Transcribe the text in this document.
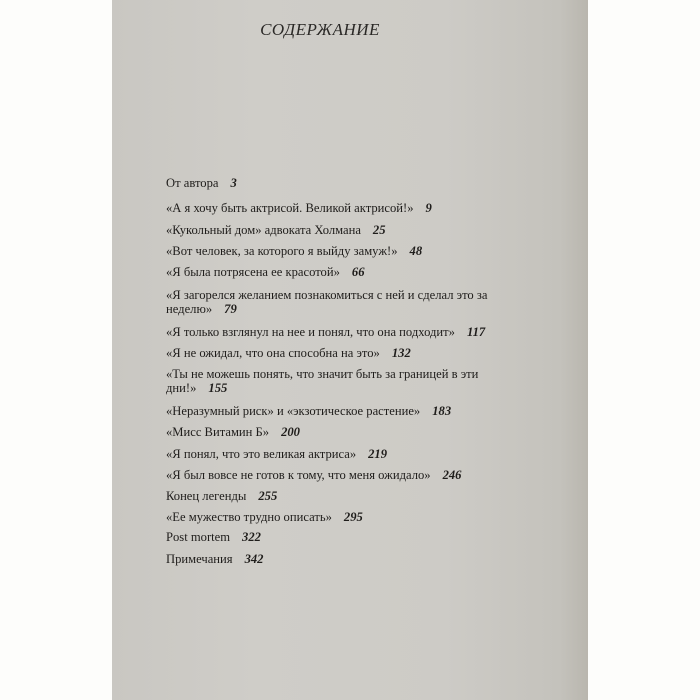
СОДЕРЖАНИЕ
От автора 3
«А я хочу быть актрисой. Великой актрисой!» 9
«Кукольный дом» адвоката Холмана 25
«Вот человек, за которого я выйду замуж!» 48
«Я была потрясена ее красотой» 66
«Я загорелся желанием познакомиться с ней и сделал это за неделю» 79
«Я только взглянул на нее и понял, что она подходит» 117
«Я не ожидал, что она способна на это» 132
«Ты не можешь понять, что значит быть за границей в эти дни!» 155
«Неразумный риск» и «экзотическое растение» 183
«Мисс Витамин Б» 200
«Я понял, что это великая актриса» 219
«Я был вовсе не готов к тому, что меня ожидало» 246
Конец легенды 255
«Ее мужество трудно описать» 295
Post mortem 322
Примечания 342
